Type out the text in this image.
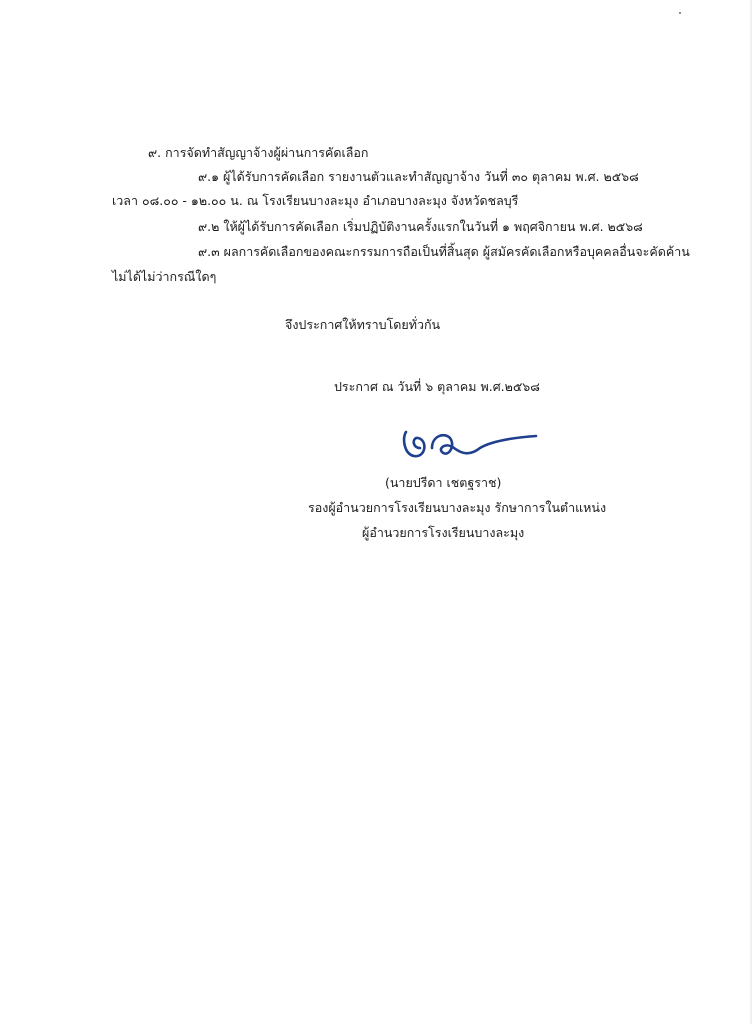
๙. การจัดทำสัญญาจ้างผู้ผ่านการคัดเลือก
๙.๑ ผู้ได้รับการคัดเลือก รายงานตัวและทำสัญญาจ้าง วันที่ ๓๐ ตุลาคม พ.ศ. ๒๕๖๘
เวลา ๐๘.๐๐ - ๑๒.๐๐ น. ณ โรงเรียนบางละมุง อำเภอบางละมุง จังหวัดชลบุรี
๙.๒ ให้ผู้ได้รับการคัดเลือก เริ่มปฏิบัติงานครั้งแรกในวันที่ ๑ พฤศจิกายน พ.ศ. ๒๕๖๘
๙.๓ ผลการคัดเลือกของคณะกรรมการถือเป็นที่สิ้นสุด ผู้สมัครคัดเลือกหรือบุคคลอื่นจะคัดค้าน
ไม่ได้ไม่ว่ากรณีใดๆ
จึงประกาศให้ทราบโดยทั่วกัน
ประกาศ ณ วันที่ ๖ ตุลาคม พ.ศ.๒๕๖๘
(นายปรีดา เชตฐราช)
รองผู้อำนวยการโรงเรียนบางละมุง รักษาการในตำแหน่ง
ผู้อำนวยการโรงเรียนบางละมุง
